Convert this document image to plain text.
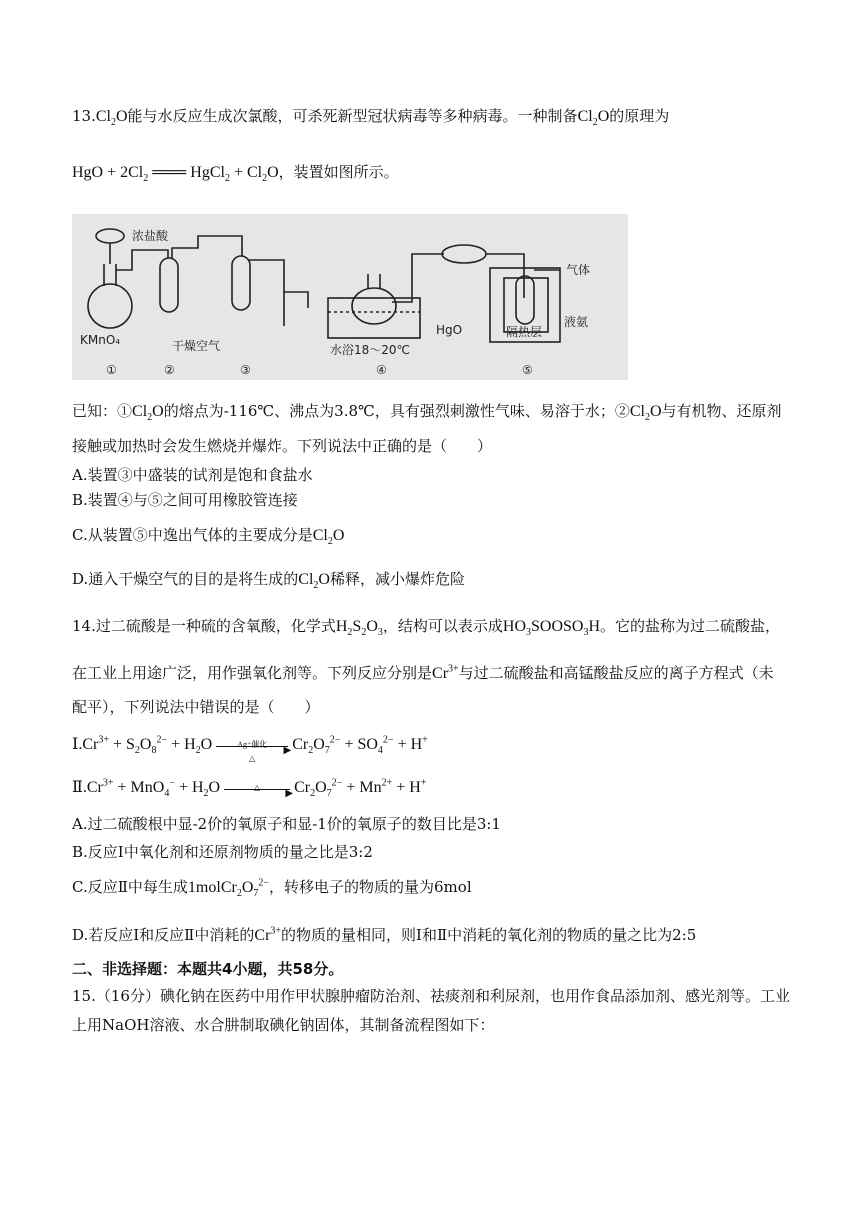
$13.Cl_2O$能与水反应生成次氯酸，可杀死新型冠状病毒等多种病毒。一种制备$Cl_2O$的原理为
HgO + $2Cl_2$ ═══ HgCl$_2$ + $Cl_2O$，装置如图所示。
浓盐酸
KMnO₄	干燥空气	水浴18～20℃
HgO
气体
隔热层
液氨
①	②	③	④	⑤
已知：$①Cl_2O$的熔点为-116℃、沸点为3.8℃，具有强烈刺激性气味、易溶于水；$②Cl_2O$与有机物、还原剂
接触或加热时会发生燃烧并爆炸。下列说法中正确的是（　　）
A.装置③中盛装的试剂是饱和食盐水
B.装置④与⑤之间可用橡胶管连接
C.从装置⑤中逸出气体的主要成分是$Cl_2O$
D.通入干燥空气的目的是将生成的$Cl_2O$稀释，减小爆炸危险
14.过二硫酸是一种硫的含氧酸，化学式$H_2S_2O_3$，结构可以表示成$HO_3SOOSO_3H$。它的盐称为过二硫酸盐，
在工业上用途广泛，用作强氧化剂等。下列反应分别是$Cr^{3+}$与过二硫酸盐和高锰酸盐反应的离子方程式（未
配平），下列说法中错误的是（　　）
$Ⅰ.Cr^{3+} + S_2O_8^{2-} + H_2O$	Ag⁺催化
▶
△
$Cr_2O_7^{2-} + SO_4^{2-} + H^+$
$Ⅱ.Cr^{3+} + MnO_4^- + H_2O$	△
▶
$Cr_2O_7^{2-} + Mn^{2+} + H^+$
A.过二硫酸根中显-2价的氧原子和显-1价的氧原子的数目比是3:1
B.反应Ⅰ中氧化剂和还原剂物质的量之比是3:2
C.反应Ⅱ中每生成$1molCr_2O_7^{2-}$，转移电子的物质的量为6mol
D.若反应Ⅰ和反应Ⅱ中消耗的$Cr^{3+}$的物质的量相同，则Ⅰ和Ⅱ中消耗的氧化剂的物质的量之比为2:5
二、非选择题：本题共4小题，共58分。
15.（16分）碘化钠在医药中用作甲状腺肿瘤防治剂、祛痰剂和利尿剂，也用作食品添加剂、感光剂等。工业
上用NaOH溶液、水合肼制取碘化钠固体，其制备流程图如下：
